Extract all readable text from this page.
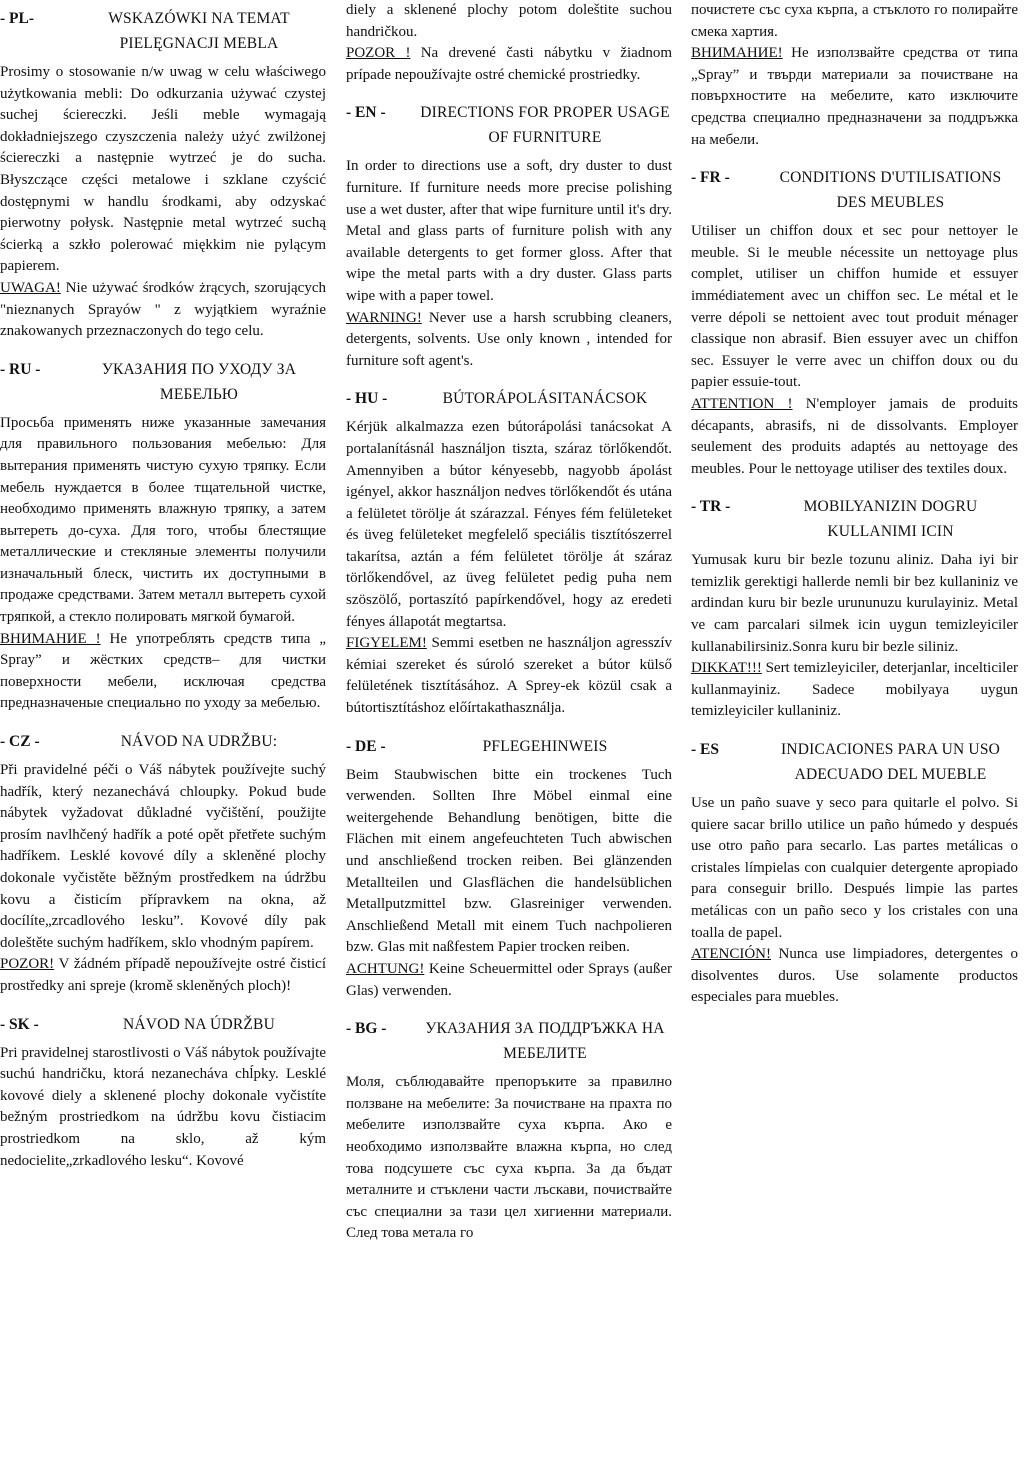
- PL-	WSKAZÓWKI NA TEMAT PIELĘGNACJI MEBLA

Prosimy o stosowanie n/w uwag w celu właściwego użytkowania mebli: Do odkurzania używać czystej suchej ściereczki. Jeśli meble wymagają dokładniejszego czyszczenia należy użyć zwilżonej ściereczki a następnie wytrzeć je do sucha. Błyszczące części metalowe i szklane czyścić dostępnymi w handlu środkami, aby odzyskać pierwotny połysk. Następnie metal wytrzeć suchą ścierką a szkło polerować miękkim nie pylącym papierem.

UWAGA! Nie używać środków żrących, szorujących "nieznanych Sprayów " z wyjątkiem wyraźnie znakowanych przeznaczonych do tego celu.

- RU -	УКАЗАНИЯ ПО УХОДУ ЗА МЕБЕЛЬЮ

Просьба применять ниже указанные замечания для правильного пользования мебелью: Для вытерания применять чистую сухую тряпку. Если мебель нуждается в более тщательной чистке, необходимо применять влажную тряпку, а затем вытереть до-суха. Для того, чтобы блестящие металлические и стекляные элементы получили изначальный блеск, чистить их доступными в продаже средствами. Затем металл вытереть сухой тряпкой, а стекло полировать мягкой бумагой.

ВНИМАНИЕ ! Не употреблять средств типа „ Spray” и жёстких средств– для чистки поверхности мебели, исключая средства предназначеные специально по уходу за мебелью.

- CZ -	NÁVOD NA UDRŽBU:

Při pravidelné péči o Váš nábytek používejte suchý hadřík, který nezanechává chloupky. Pokud bude nábytek vyžadovat důkladné vyčištění, použijte prosím navlhčený hadřík a poté opět přetřete suchým hadříkem. Lesklé kovové díly a skleněné plochy dokonale vyčistěte běžným prostředkem na údržbu kovu a čisticím přípravkem na okna, až docílíte„zrcadlového lesku”. Kovové díly pak doleštěte suchým hadříkem, sklo vhodným papírem.

POZOR! V žádném případě nepoužívejte ostré čisticí prostředky ani spreje (kromě skleněných ploch)!

- SK -	NÁVOD NA ÚDRŽBU

Pri pravidelnej starostlivosti o Váš nábytok používajte suchú handričku, ktorá nezanecháva chĺpky. Lesklé kovové diely a sklenené plochy dokonale vyčistíte bežným prostriedkom na údržbu kovu čistiacim prostriedkom na sklo, až kým nedocielite„zrkadlového lesku“. Kovové

diely a sklenené plochy potom doleštite suchou handričkou.

POZOR ! Na drevené časti nábytku v žiadnom prípade nepoužívajte ostré chemické prostriedky.

- EN -	DIRECTIONS FOR PROPER USAGE OF FURNITURE

In order to directions use a soft, dry duster to dust furniture. If furniture needs more precise polishing use a wet duster, after that wipe furniture until it's dry. Metal and glass parts of furniture polish with any available detergents to get former gloss. After that wipe the metal parts with a dry duster. Glass parts wipe with a paper towel.

WARNING! Never use a harsh scrubbing cleaners, detergents, solvents. Use only known , intended for furniture soft agent's.

- HU -	BÚTORÁPOLÁSITANÁCSOK

Kérjük alkalmazza ezen bútorápolási tanácsokat A portalanításnál használjon tiszta, száraz törlőkendőt. Amennyiben a bútor kényesebb, nagyobb ápolást igényel, akkor használjon nedves törlőkendőt és utána a felületet törölje át szárazzal. Fényes fém felületeket és üveg felületeket megfelelő speciális tisztítószerrel takarítsa, aztán a fém felületet törölje át száraz törlőkendővel, az üveg felületet pedig puha nem szöszölő, portaszító papírkendővel, hogy az eredeti fényes állapotát megtartsa.

FIGYELEM! Semmi esetben ne használjon agresszív kémiai szereket és súroló szereket a bútor külső felületének tisztításához. A Sprey-ek közül csak a bútortisztításhoz előírtakathasználja.

- DE -	PFLEGEHINWEIS

Beim Staubwischen bitte ein trockenes Tuch verwenden. Sollten Ihre Möbel einmal eine weitergehende Behandlung benötigen, bitte die Flächen mit einem angefeuchteten Tuch abwischen und anschließend trocken reiben. Bei glänzenden Metallteilen und Glasflächen die handelsüblichen Metallputzmittel bzw. Glasreiniger verwenden. Anschließend Metall mit einem Tuch nachpolieren bzw. Glas mit naßfestem Papier trocken reiben.

ACHTUNG! Keine Scheuermittel oder Sprays (außer Glas) verwenden.

- BG -	УКАЗАНИЯ ЗА ПОДДРЪЖКА НА МЕБЕЛИТЕ

Моля, съблюдавайте препоръките за правилно ползване на мебелите: За почистване на прахта по мебелите използвайте суха кърпа. Ако е необходимо използвайте влажна кърпа, но след това подсушете със суха кърпа. За да бъдат металните и стъклени части лъскави, почиствайте със специални за тази цел хигиенни материали. След това метала го

почистете със суха кърпа, а стъклото го полирайте смека хартия.

ВНИМАНИЕ! Не използвайте средства от типа „Spray” и твърди материали за почистване на повърхностите на мебелите, като изключите средства специално предназначени за поддръжка на мебели.

- FR -	CONDITIONS D'UTILISATIONS DES MEUBLES

Utiliser un chiffon doux et sec pour nettoyer le meuble. Si le meuble nécessite un nettoyage plus complet, utiliser un chiffon humide et essuyer immédiatement avec un chiffon sec. Le métal et le verre dépoli se nettoient avec tout produit ménager classique non abrasif. Bien essuyer avec un chiffon sec. Essuyer le verre avec un chiffon doux ou du papier essuie-tout.

ATTENTION ! N'employer jamais de produits décapants, abrasifs, ni de dissolvants. Employer seulement des produits adaptés au nettoyage des meubles. Pour le nettoyage utiliser des textiles doux.

- TR -	MOBILYANIZIN DOGRU KULLANIMI ICIN

Yumusak kuru bir bezle tozunu aliniz. Daha iyi bir temizlik gerektigi hallerde nemli bir bez kullaniniz ve ardindan kuru bir bezle urununuzu kurulayiniz. Metal ve cam parcalari silmek icin uygun temizleyiciler kullanabilirsiniz.Sonra kuru bir bezle siliniz.

DIKKAT!!! Sert temizleyiciler, deterjanlar, incelticiler kullanmayiniz. Sadece mobilyaya uygun temizleyiciler kullaniniz.

- ES	INDICACIONES PARA UN USO ADECUADO DEL MUEBLE

Use un paño suave y seco para quitarle el polvo. Si quiere sacar brillo utilice un paño húmedo y después use otro paño para secarlo. Las partes metálicas o cristales límpielas con cualquier detergente apropiado para conseguir brillo. Después limpie las partes metálicas con un paño seco y los cristales con una toalla de papel.

ATENCIÓN! Nunca use limpiadores, detergentes o disolventes duros. Use solamente productos especiales para muebles.
